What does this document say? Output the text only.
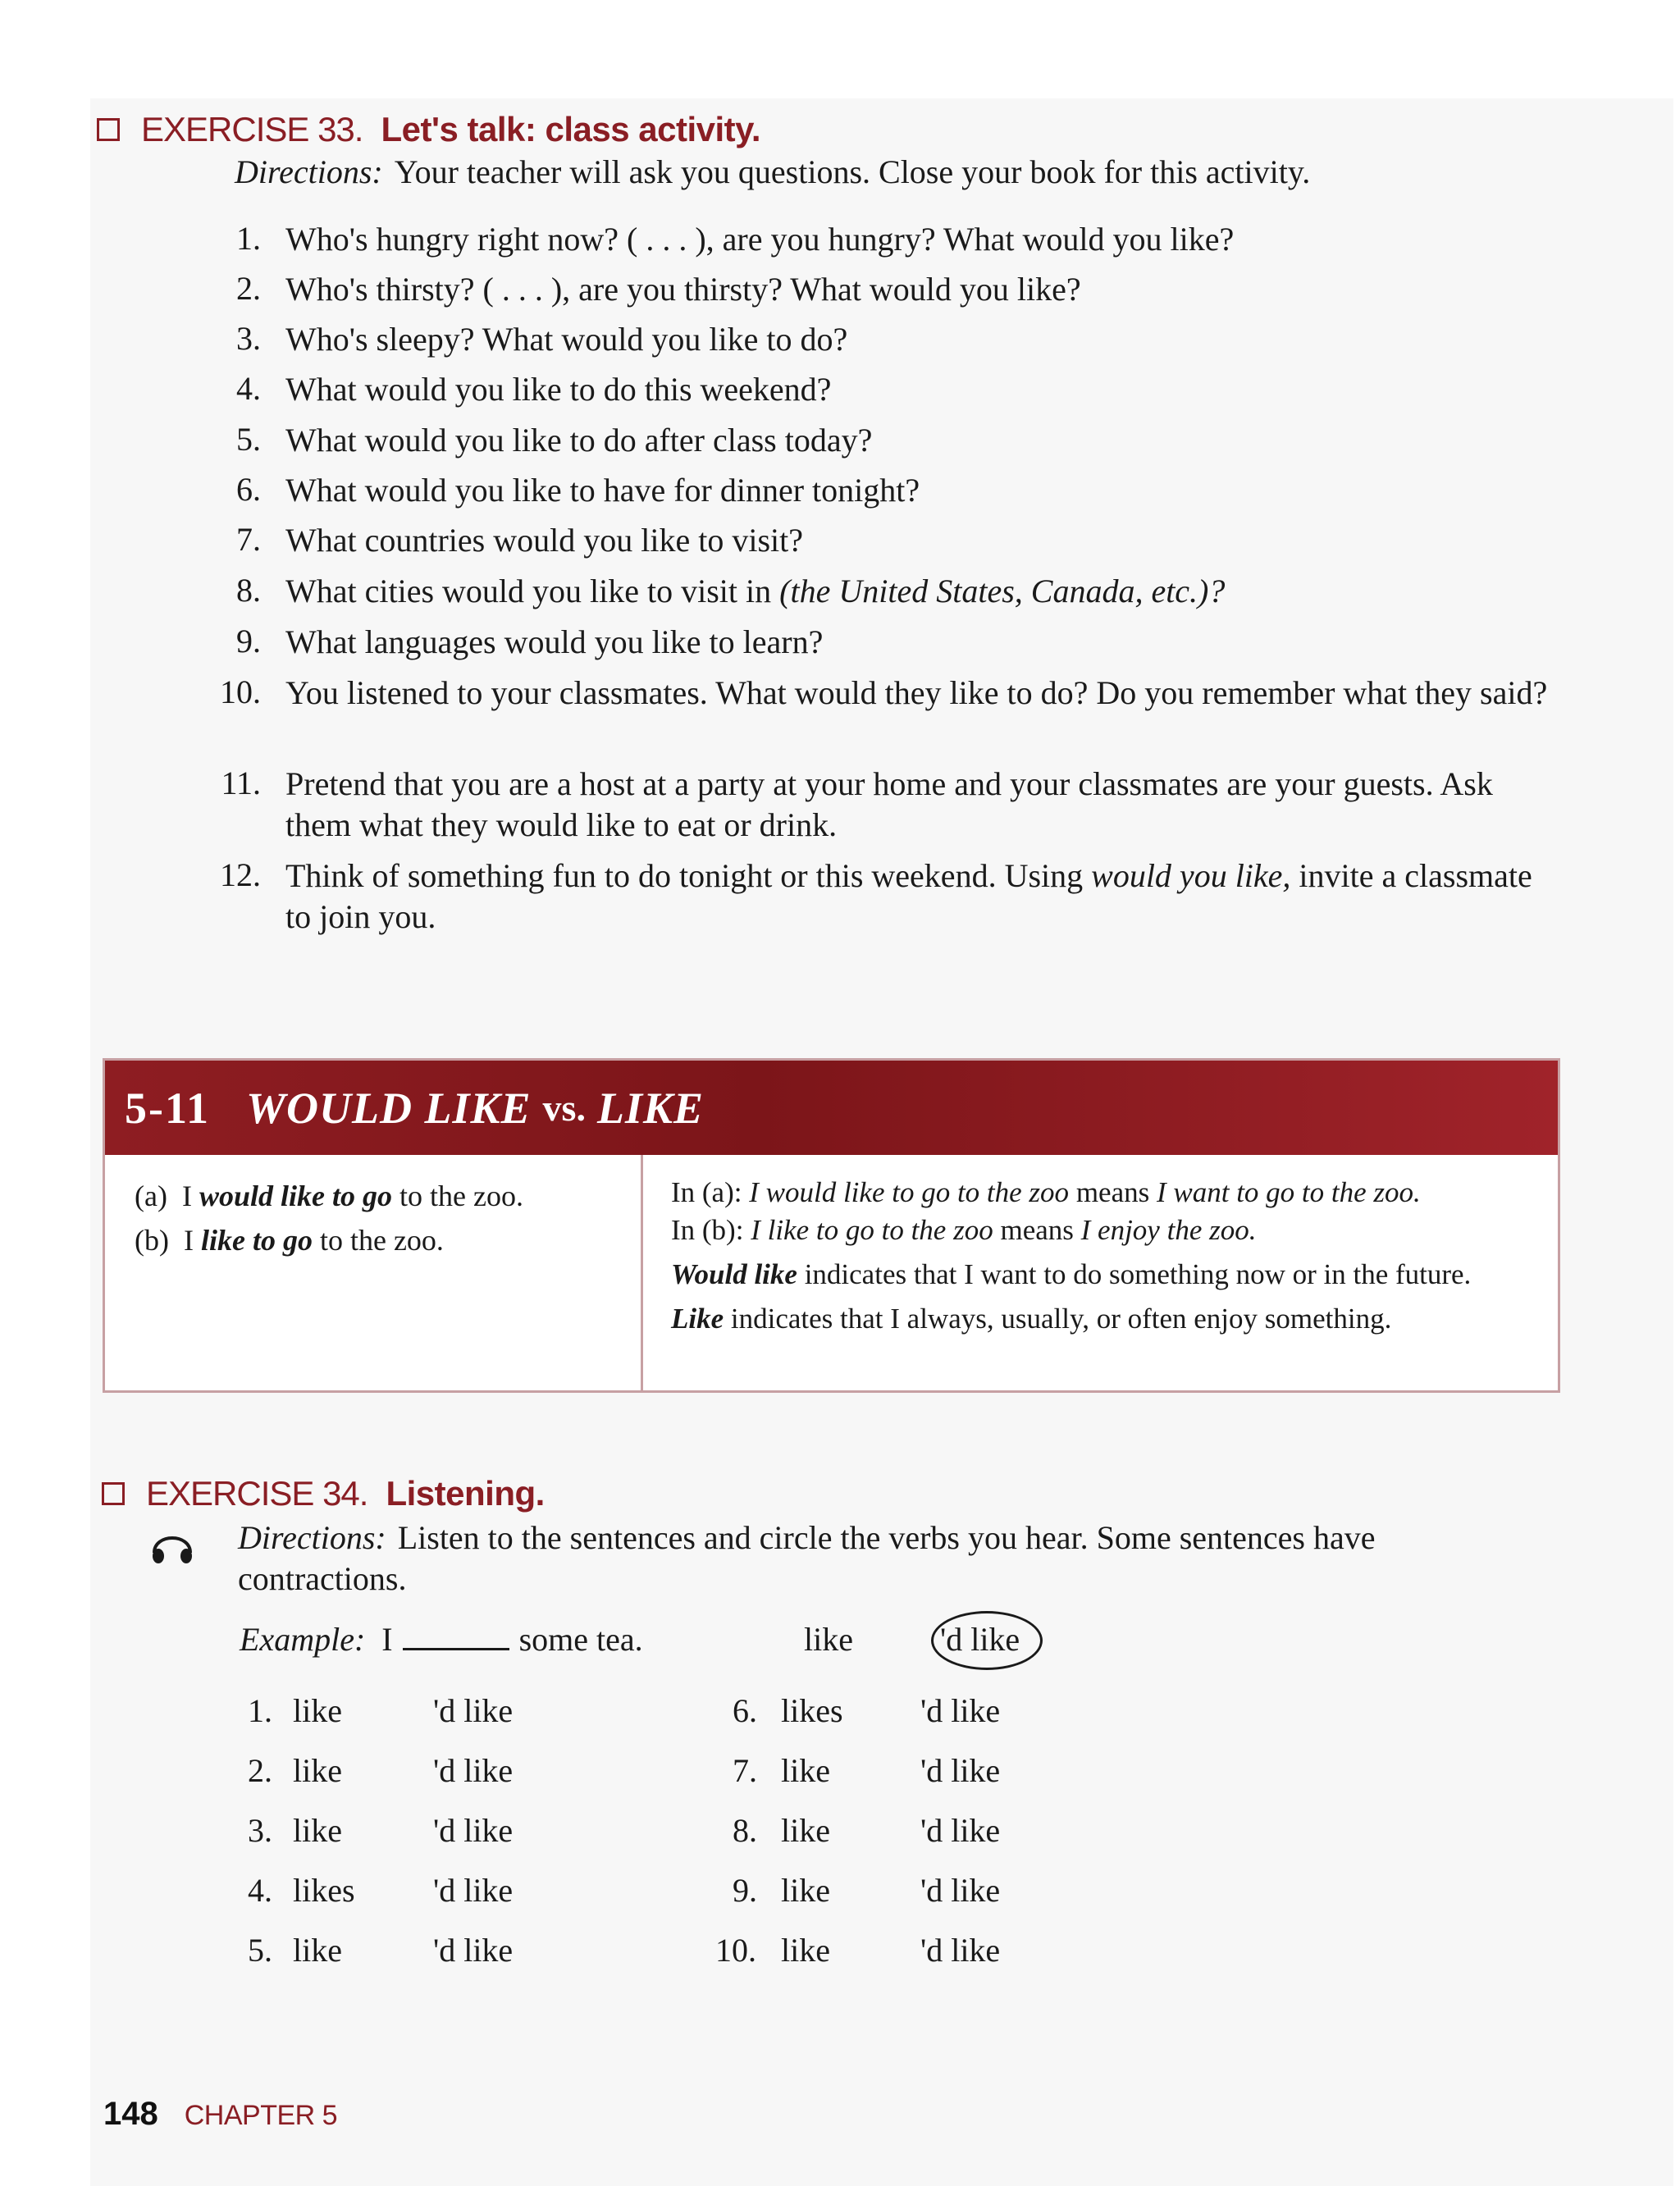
EXERCISE 33. Let's talk: class activity.
Directions: Your teacher will ask you questions. Close your book for this activity.
1. Who's hungry right now? ( . . . ), are you hungry? What would you like?
2. Who's thirsty? ( . . . ), are you thirsty? What would you like?
3. Who's sleepy? What would you like to do?
4. What would you like to do this weekend?
5. What would you like to do after class today?
6. What would you like to have for dinner tonight?
7. What countries would you like to visit?
8. What cities would you like to visit in (the United States, Canada, etc.)?
9. What languages would you like to learn?
10. You listened to your classmates. What would they like to do? Do you remember what they said?
11. Pretend that you are a host at a party at your home and your classmates are your guests. Ask them what they would like to eat or drink.
12. Think of something fun to do tonight or this weekend. Using would you like, invite a classmate to join you.
5-11 WOULD LIKE vs. LIKE
(a) I would like to go to the zoo.
(b) I like to go to the zoo.

In (a): I would like to go to the zoo means I want to go to the zoo.

In (b): I like to go to the zoo means I enjoy the zoo.

Would like indicates that I want to do something now or in the future.

Like indicates that I always, usually, or often enjoy something.

EXERCISE 34. Listening.
Directions: Listen to the sentences and circle the verbs you hear. Some sentences have contractions.
Example: I	some tea.	like	'd like
1. like	'd like	6. likes 'd like
2. like	'd like	7. like	'd like
3. like	'd like	8. like	'd like
4. likes 'd like	9. like	'd like
5. like	'd like	10. like	'd like
148 CHAPTER 5
